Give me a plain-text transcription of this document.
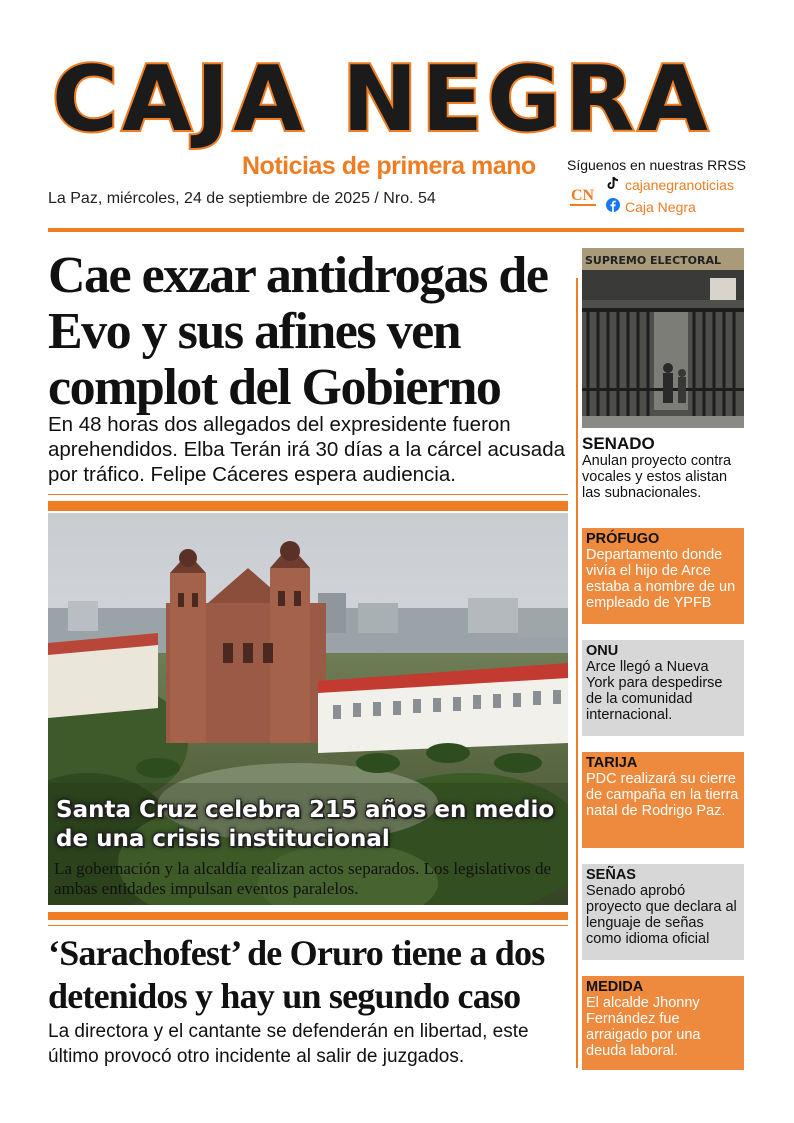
CAJA NEGRA
Noticias de primera mano
La Paz, miércoles, 24 de septiembre de 2025 / Nro. 54
Síguenos en nuestras RRSS
CN
cajanegranoticias
Caja Negra
Cae exzar antidrogas de Evo y sus afines ven complot del Gobierno
En 48 horas dos allegados del expresidente fueron aprehendidos. Elba Terán irá 30 días a la cárcel acusada por tráfico. Felipe Cáceres espera audiencia.
Santa Cruz celebra 215 años en medio de una crisis institucional
La gobernación y la alcaldía realizan actos separados. Los legislativos de ambas entidades impulsan eventos paralelos.
‘Sarachofest’ de Oruro tiene a dos detenidos y hay un segundo caso
La directora y el cantante se defenderán en libertad, este último provocó otro incidente al salir de juzgados.
SUPREMO ELECTORAL
SENADO
Anulan proyecto contra vocales y estos alistan las subnacionales.
PRÓFUGO
Departamento donde vivía el hijo de Arce estaba a nombre de un empleado de YPFB
ONU
Arce llegó a Nueva York para despedirse de la comunidad internacional.
TARIJA
PDC realizará su cierre de campaña en la tierra natal de Rodrigo Paz.
SEÑAS
Senado aprobó proyecto que declara al lenguaje de señas como idioma oficial
MEDIDA
El alcalde Jhonny Fernández fue arraigado por una deuda laboral.
